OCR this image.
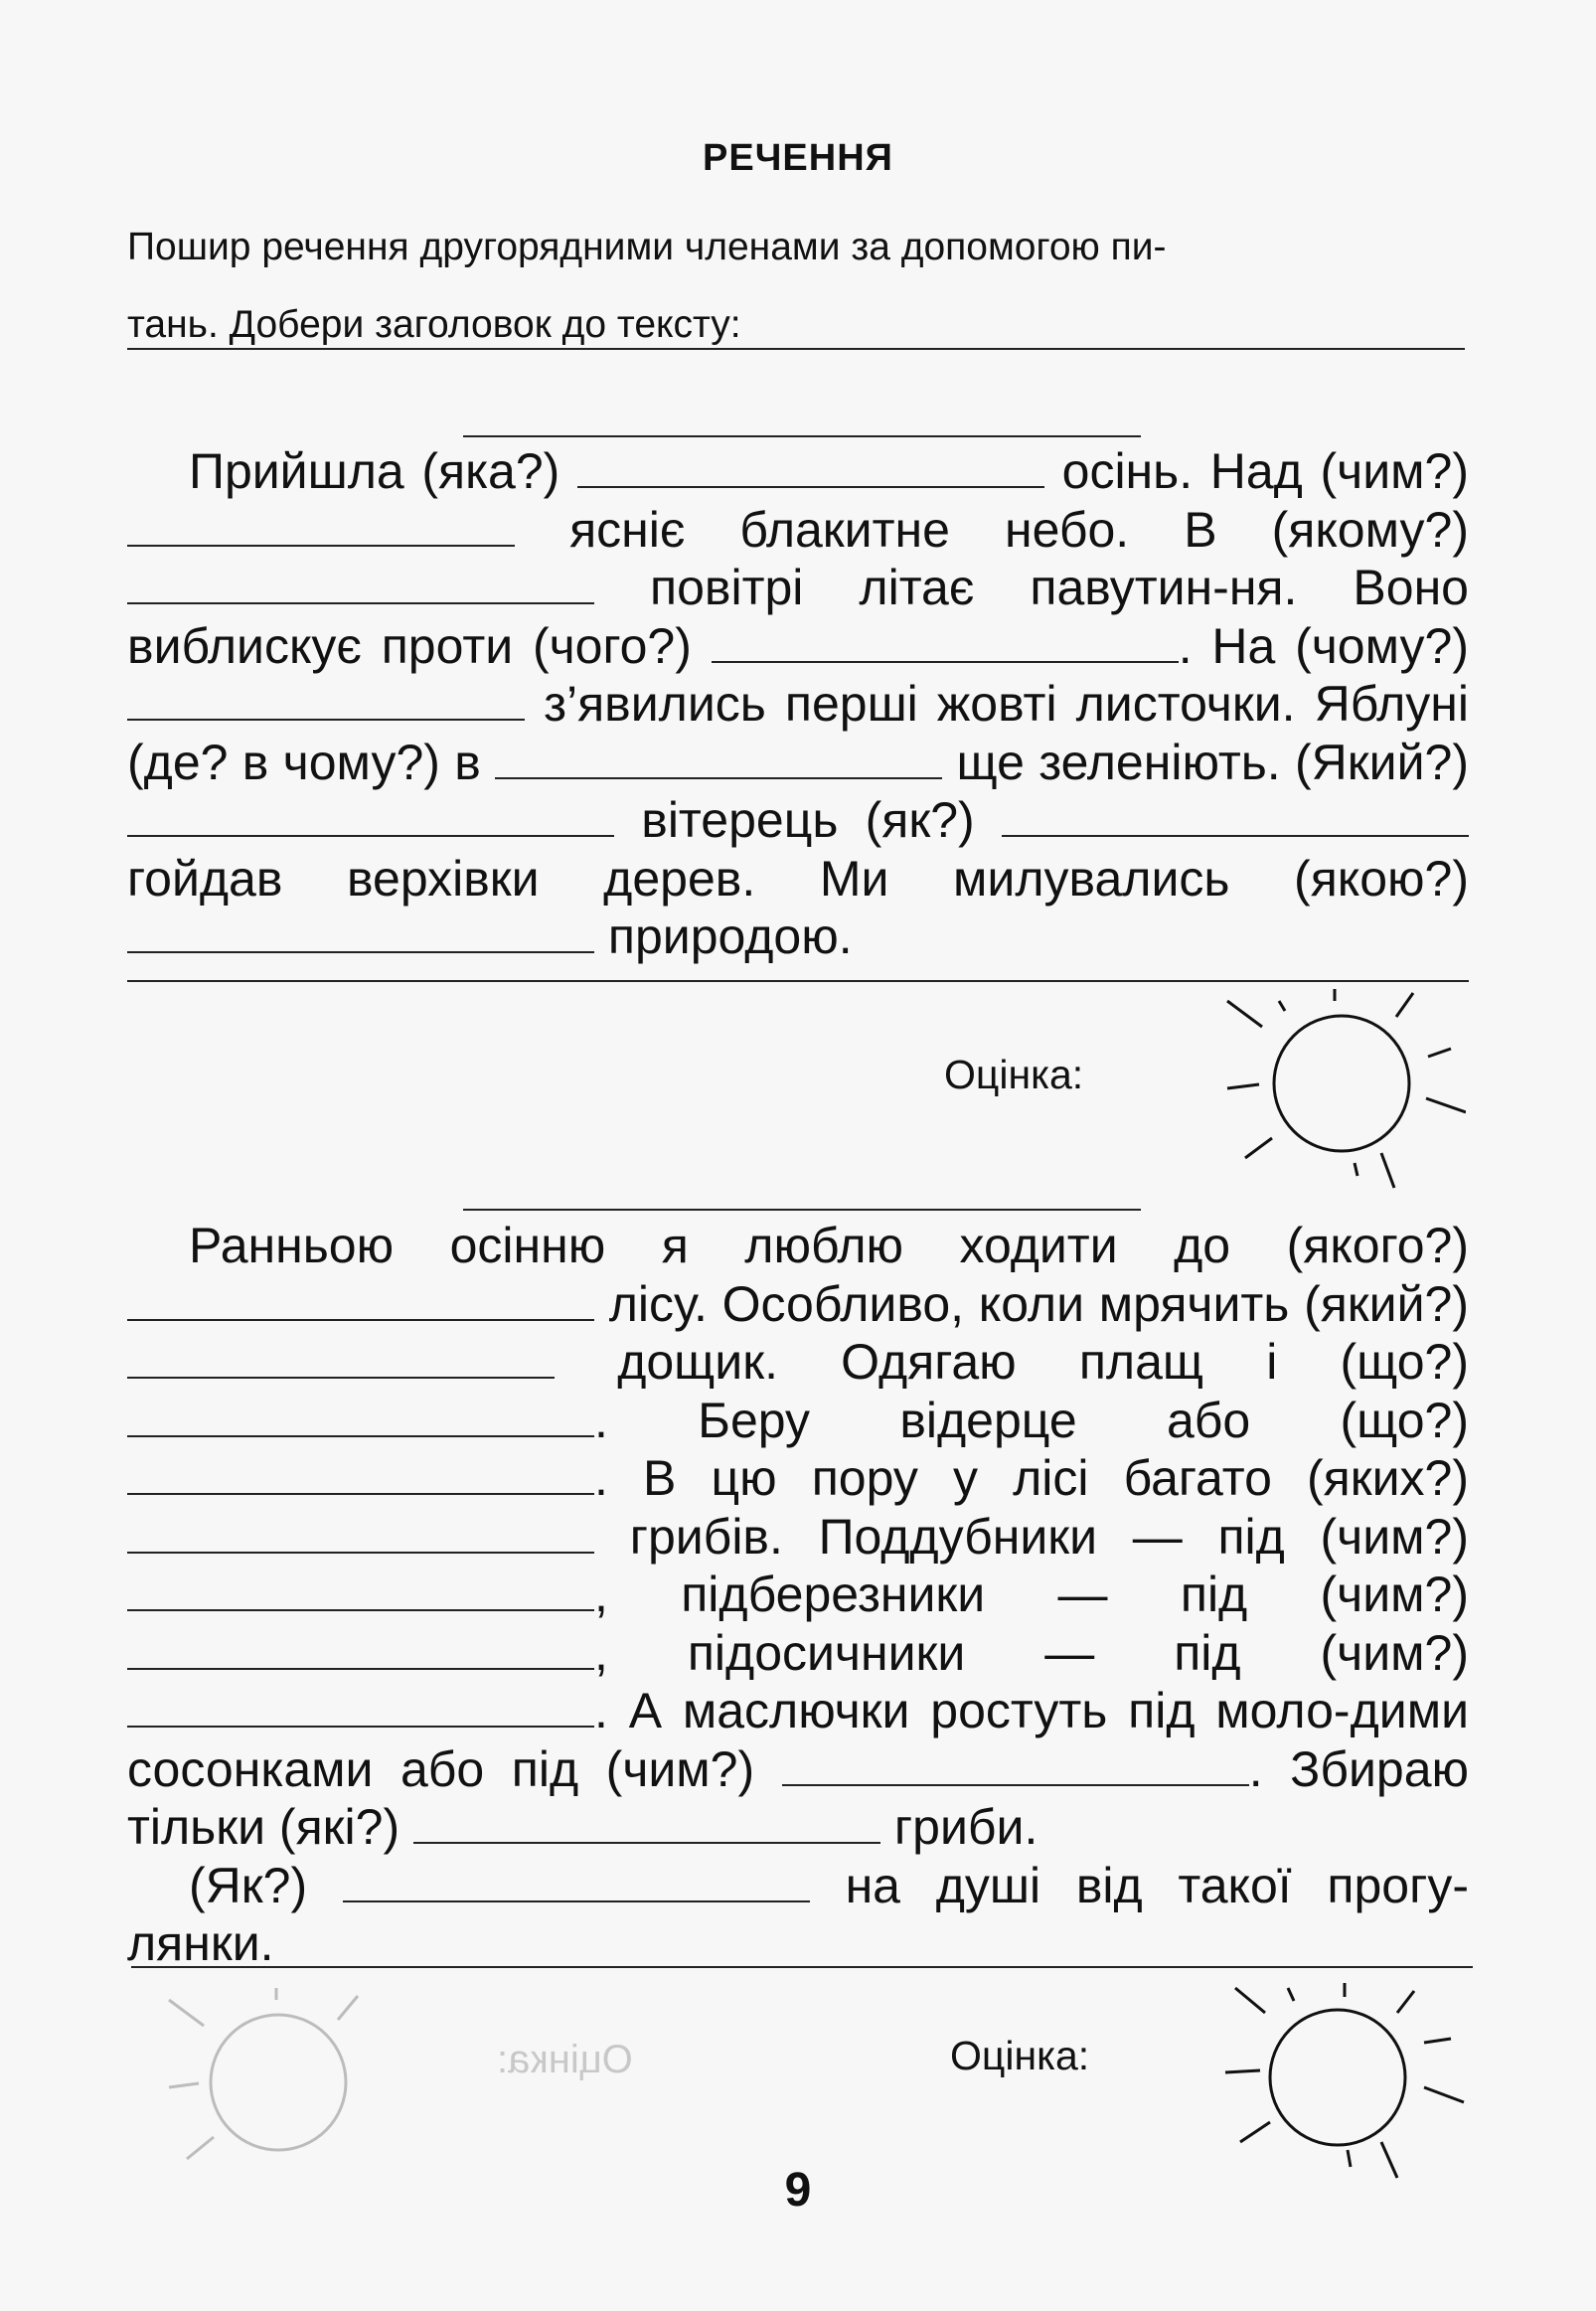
РЕЧЕННЯ
Пошир речення другорядними членами за допомогою пи-
тань. Добери заголовок до тексту:
Прийшла (яка?)	осінь. Над (чим?)  ясніє блакитне небо. В (якому?)  повітрі літає павутин-ня. Воно виблискує проти (чого?)	. На (чому?)  з’явились перші жовті листочки. Яблуні (де? в чому?) в	ще зеленіють. (Який?)  вітерець (як?)  гойдав верхівки дерев. Ми милувались (якою?)  природою.
Оцінка:
Ранньою осінню я люблю ходити до (якого?)  лісу. Особливо, коли мрячить (який?)  дощик. Одягаю плащ і (що?) . Беру відерце або (що?) . В цю пору у лісі багато (яких?)  грибів. Поддубники — під (чим?) , підберезники — під (чим?) , підосичники — під (чим?) . А маслючки ростуть під моло-дими сосонками або під (чим?)	. Збираю тільки (які?)	гриби.
(Як?)	на душі від такої прогу-лянки.
Оцінка:	Оцінка:
9
